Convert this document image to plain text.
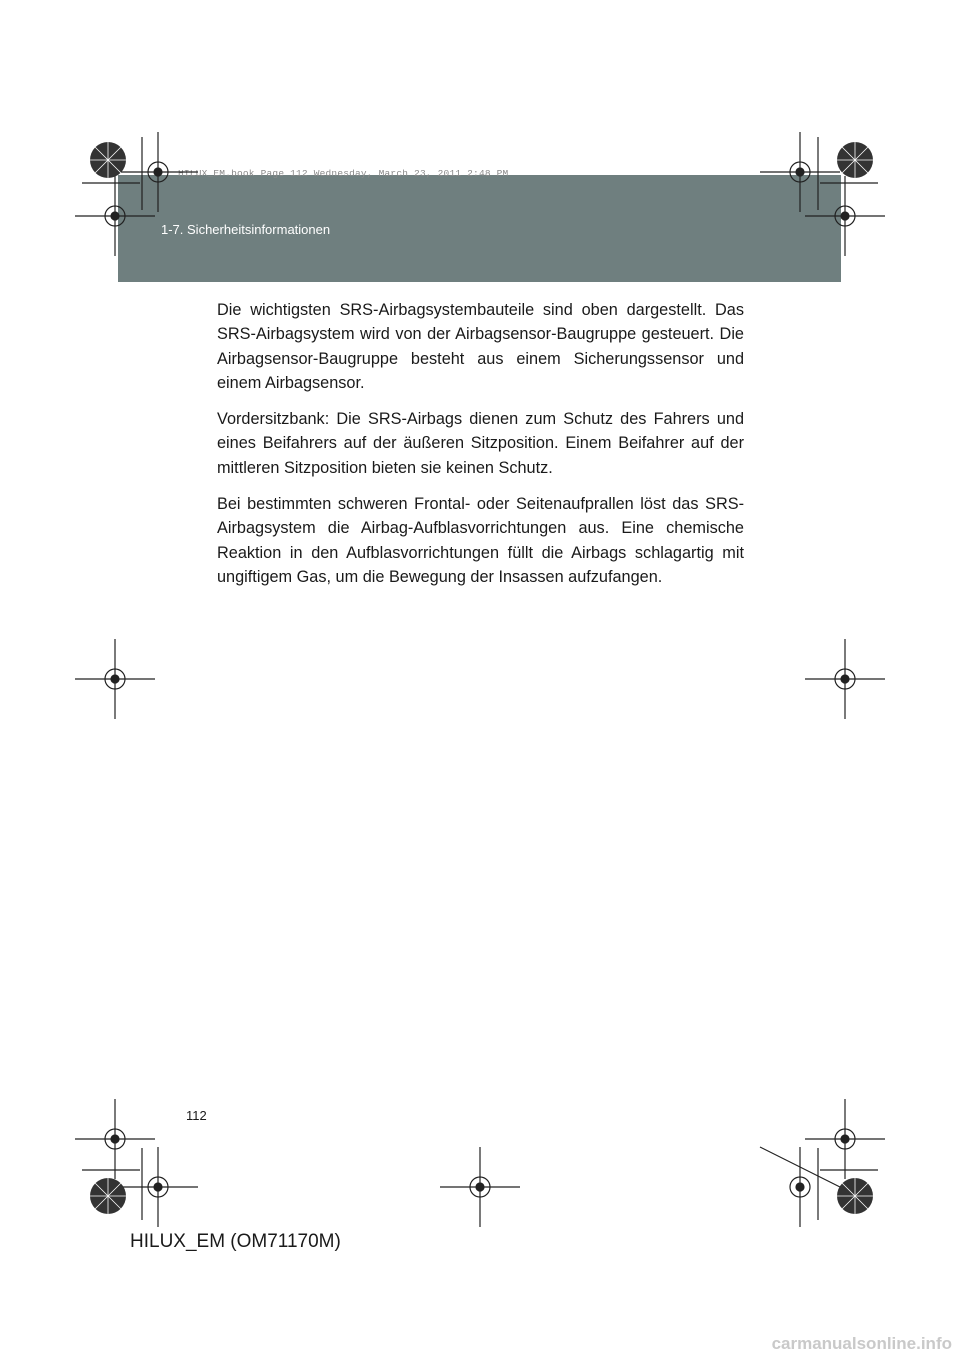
1-7. Sicherheitsinformationen
HILUX_EM.book Page 112 Wednesday, March 23, 2011 2:48 PM

Die wichtigsten SRS-Airbagsystembauteile sind oben dargestellt. Das SRS-Airbagsystem wird von der Airbagsensor-Baugruppe gesteuert. Die Airbagsensor-Baugruppe besteht aus einem Sicherungssensor und einem Airbagsensor.

Vordersitzbank: Die SRS-Airbags dienen zum Schutz des Fahrers und eines Beifahrers auf der äußeren Sitzposition. Einem Beifahrer auf der mittleren Sitzposition bieten sie keinen Schutz.

Bei bestimmten schweren Frontal- oder Seitenaufprallen löst das SRS-Airbagsystem die Airbag-Aufblasvorrichtungen aus. Eine chemische Reaktion in den Aufblasvorrichtungen füllt die Airbags schlagartig mit ungiftigem Gas, um die Bewegung der Insassen aufzufangen.

112
HILUX_EM (OM71170M)
carmanualsonline.info
